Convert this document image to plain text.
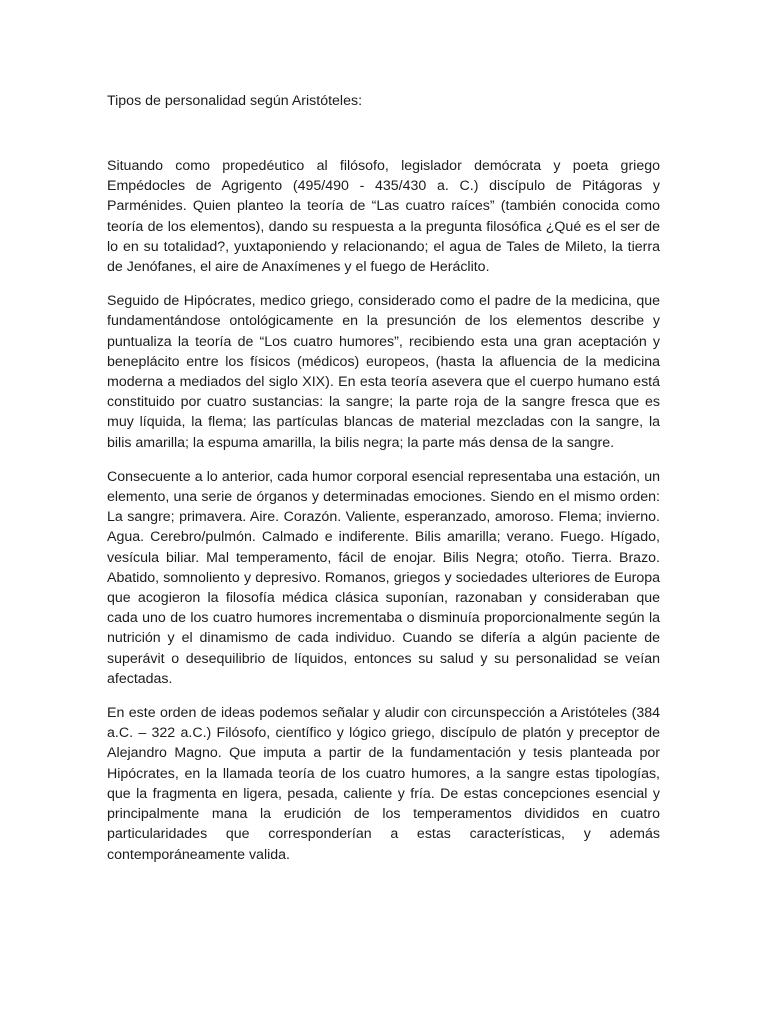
Tipos de personalidad según Aristóteles:

Situando como propedéutico al filósofo, legislador demócrata y poeta griego Empédocles de Agrigento (495/490 - 435/430 a. C.) discípulo de Pitágoras y Parménides. Quien planteo la teoría de “Las cuatro raíces” (también conocida como teoría de los elementos), dando su respuesta a la pregunta filosófica ¿Qué es el ser de lo en su totalidad?, yuxtaponiendo y relacionando; el agua de Tales de Mileto, la tierra de Jenófanes, el aire de Anaxímenes y el fuego de Heráclito.

Seguido de Hipócrates, medico griego, considerado como el padre de la medicina, que fundamentándose ontológicamente en la presunción de los elementos describe y puntualiza la teoría de “Los cuatro humores”, recibiendo esta una gran aceptación y beneplácito entre los físicos (médicos) europeos, (hasta la afluencia de la medicina moderna a mediados del siglo XIX). En esta teoría asevera que el cuerpo humano está constituido por cuatro sustancias: la sangre; la parte roja de la sangre fresca que es muy líquida, la flema; las partículas blancas de material mezcladas con la sangre, la bilis amarilla; la espuma amarilla, la bilis negra; la parte más densa de la sangre.

Consecuente a lo anterior, cada humor corporal esencial representaba una estación, un elemento, una serie de órganos y determinadas emociones. Siendo en el mismo orden: La sangre; primavera. Aire. Corazón. Valiente, esperanzado, amoroso. Flema; invierno. Agua. Cerebro/pulmón. Calmado e indiferente. Bilis amarilla; verano. Fuego. Hígado, vesícula biliar. Mal temperamento, fácil de enojar. Bilis Negra; otoño. Tierra. Brazo. Abatido, somnoliento y depresivo. Romanos, griegos y sociedades ulteriores de Europa que acogieron la filosofía médica clásica suponían, razonaban y consideraban que cada uno de los cuatro humores incrementaba o disminuía proporcionalmente según la nutrición y el dinamismo de cada individuo. Cuando se difería a algún paciente de superávit o desequilibrio de líquidos, entonces su salud y su personalidad se veían afectadas.

En este orden de ideas podemos señalar y aludir con circunspección a Aristóteles (384 a.C. – 322 a.C.) Filósofo, científico y lógico griego, discípulo de platón y preceptor de Alejandro Magno. Que imputa a partir de la fundamentación y tesis planteada por Hipócrates, en la llamada teoría de los cuatro humores, a la sangre estas tipologías, que la fragmenta en ligera, pesada, caliente y fría. De estas concepciones esencial y principalmente mana la erudición de los temperamentos divididos en cuatro particularidades que corresponderían a estas características, y además contemporáneamente valida.
